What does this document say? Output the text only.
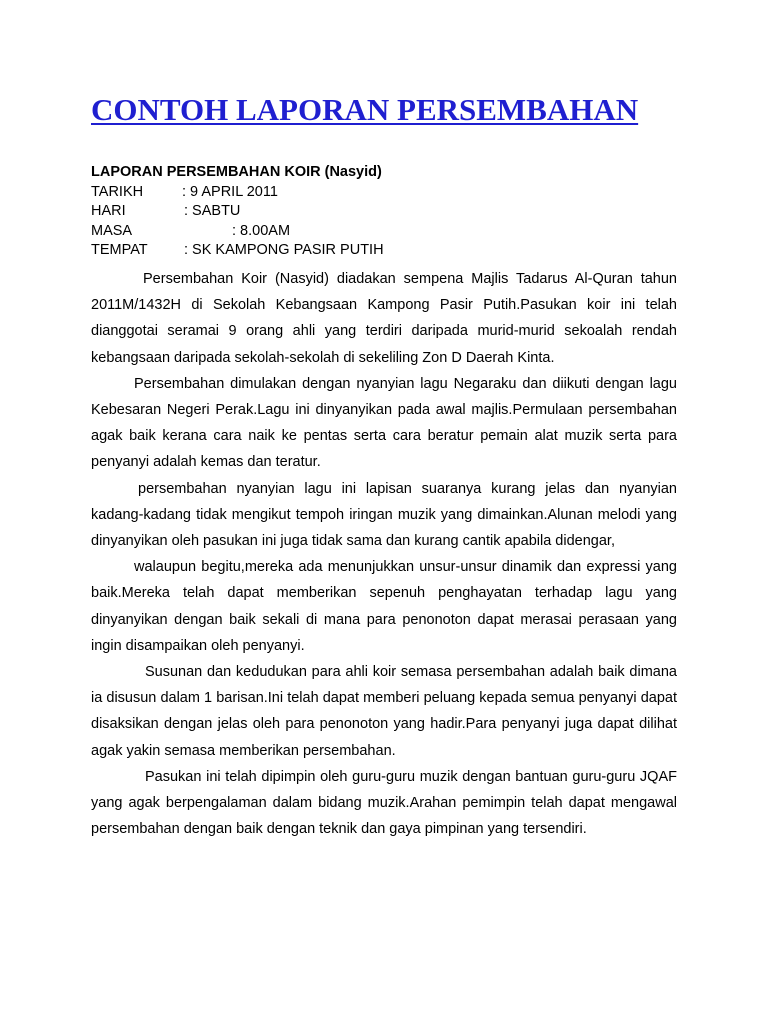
CONTOH LAPORAN PERSEMBAHAN
LAPORAN PERSEMBAHAN KOIR (Nasyid)
TARIKH	: 9 APRIL 2011
HARI	: SABTU
MASA	: 8.00AM
TEMPAT	: SK KAMPONG PASIR PUTIH

Persembahan Koir (Nasyid) diadakan sempena Majlis Tadarus Al-Quran tahun 2011M/1432H di Sekolah Kebangsaan Kampong Pasir Putih.Pasukan koir ini telah dianggotai seramai 9 orang ahli yang terdiri daripada murid-murid sekoalah rendah kebangsaan daripada sekolah-sekolah di sekeliling Zon D Daerah Kinta.

Persembahan dimulakan dengan nyanyian lagu Negaraku dan diikuti dengan lagu Kebesaran Negeri Perak.Lagu ini dinyanyikan pada awal majlis.Permulaan persembahan agak baik kerana cara naik ke pentas serta cara beratur pemain alat muzik serta para penyanyi adalah kemas dan teratur.

persembahan nyanyian lagu ini lapisan suaranya kurang jelas dan nyanyian kadang-kadang tidak mengikut tempoh iringan muzik yang dimainkan.Alunan melodi yang dinyanyikan oleh pasukan ini juga tidak sama dan kurang cantik apabila didengar,

walaupun begitu,mereka ada menunjukkan unsur-unsur dinamik dan expressi yang baik.Mereka telah dapat memberikan sepenuh penghayatan terhadap lagu yang dinyanyikan dengan baik sekali di mana para penonoton dapat merasai perasaan yang ingin disampaikan oleh penyanyi.

Susunan dan kedudukan para ahli koir semasa persembahan adalah baik dimana ia disusun dalam 1 barisan.Ini telah dapat memberi peluang kepada semua penyanyi dapat disaksikan dengan jelas oleh para penonoton yang hadir.Para penyanyi juga dapat dilihat agak yakin semasa memberikan persembahan.

Pasukan ini telah dipimpin oleh guru-guru muzik dengan bantuan guru-guru JQAF yang agak berpengalaman dalam bidang muzik.Arahan pemimpin telah dapat mengawal persembahan dengan baik dengan teknik dan gaya pimpinan yang tersendiri.
